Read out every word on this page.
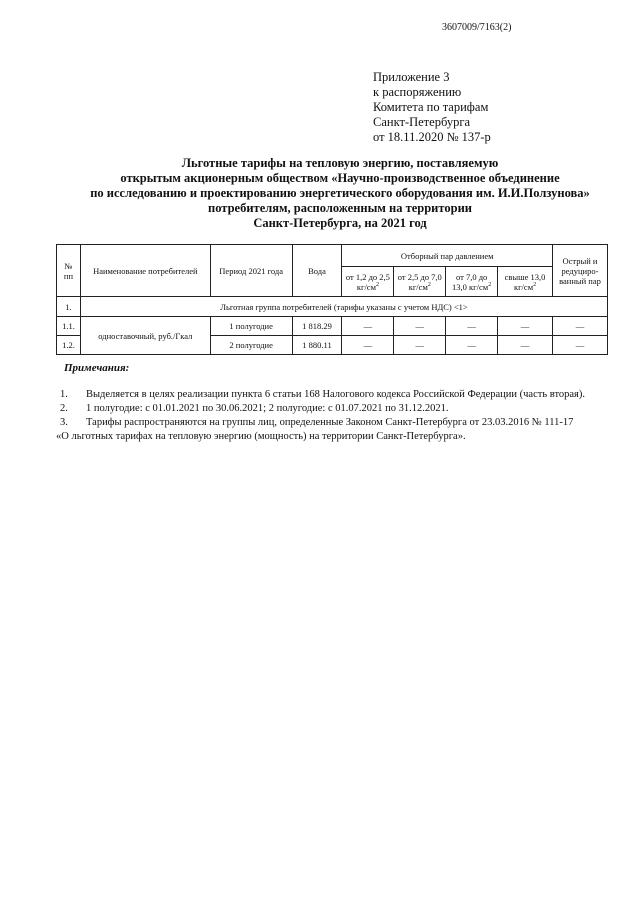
3607009/7163(2)
Приложение 3
к распоряжению
Комитета по тарифам
Санкт-Петербурга
от 18.11.2020 № 137-р
Льготные тарифы на тепловую энергию, поставляемую
открытым акционерным обществом «Научно-производственное объединение
по исследованию и проектированию энергетического оборудования им. И.И.Ползунова»
потребителям, расположенным на территории
Санкт-Петербурга, на 2021 год
№ пп	Наименование потребителей	Период 2021 года	Вода	Отборный пар давлением				Острый и редуциро-ванный пар
				от 1,2 до 2,5 $кг/см^2$	от 2,5 до 7,0 $кг/см^2$	от 7,0 до 13,0 $кг/см^2$	свыше 13,0 $кг/см^2$
1.	Льготная группа потребителей (тарифы указаны с учетом НДС) <1>							
1.1.	одноставочный, руб./Гкал	1 полугодие	1 818.29	—	—	—	—	—
1.2.		2 полугодие	1 880.11	—	—	—	—	—
Примечания:
1.	Выделяется в целях реализации пункта 6 статьи 168 Налогового кодекса Российской Федерации (часть вторая).
2.	1 полугодие: с 01.01.2021 по 30.06.2021; 2 полугодие: с 01.07.2021 по 31.12.2021.
3.	Тарифы распространяются на группы лиц, определенные Законом Санкт-Петербурга от 23.03.2016 № 111-17
«О льготных тарифах на тепловую энергию (мощность) на территории Санкт-Петербурга».
